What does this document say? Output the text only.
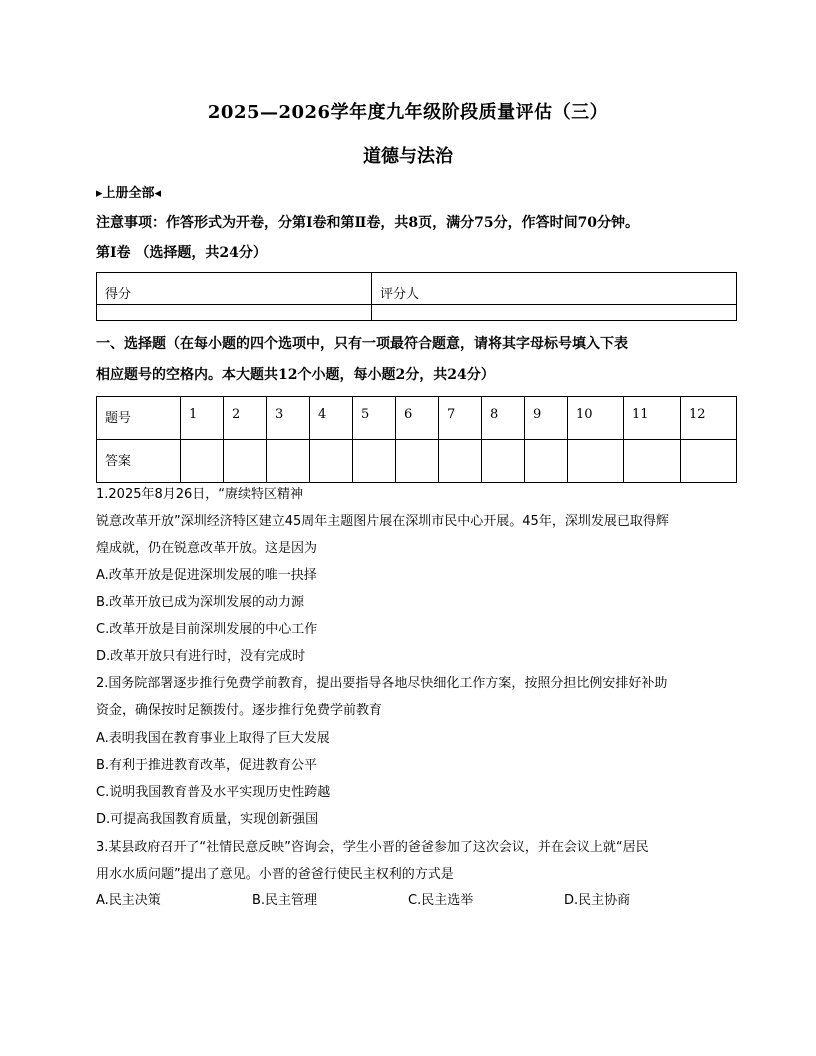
2025—2026学年度九年级阶段质量评估（三）
道德与法治
▸上册全部◂
注意事项：作答形式为开卷，分第Ⅰ卷和第Ⅱ卷，共8页，满分75分，作答时间70分钟。
第Ⅰ卷 （选择题，共24分）
得分	评分人

一、选择题（在每小题的四个选项中，只有一项最符合题意，请将其字母标号填入下表
相应题号的空格内。本大题共12个小题，每小题2分，共24分）
题号	1	2	3	4	5	6	7	8	9	10	11	12
答案												
1.2025年8月26日，“赓续特区精神
锐意改革开放”深圳经济特区建立45周年主题图片展在深圳市民中心开展。45年，深圳发展已取得辉
煌成就，仍在锐意改革开放。这是因为
A.改革开放是促进深圳发展的唯一抉择
B.改革开放已成为深圳发展的动力源
C.改革开放是目前深圳发展的中心工作
D.改革开放只有进行时，没有完成时
2.国务院部署逐步推行免费学前教育，提出要指导各地尽快细化工作方案，按照分担比例安排好补助
资金，确保按时足额拨付。逐步推行免费学前教育
A.表明我国在教育事业上取得了巨大发展
B.有利于推进教育改革，促进教育公平
C.说明我国教育普及水平实现历史性跨越
D.可提高我国教育质量，实现创新强国
3.某县政府召开了“社情民意反映”咨询会，学生小晋的爸爸参加了这次会议，并在会议上就“居民
用水水质问题”提出了意见。小晋的爸爸行使民主权利的方式是
A.民主决策	B.民主管理	C.民主选举	D.民主协商
